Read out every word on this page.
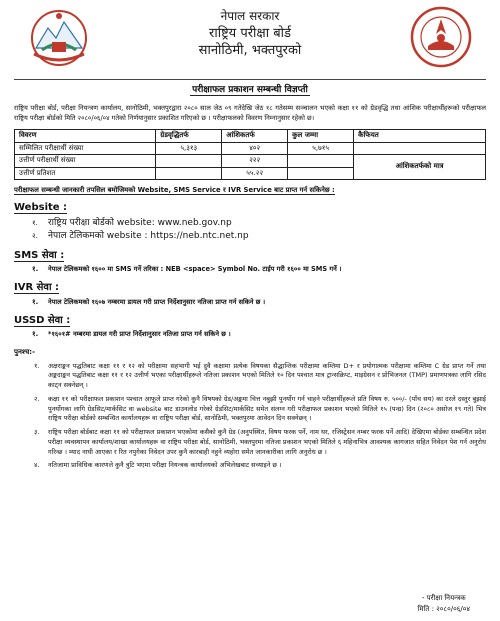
नेपाल सरकार
राष्ट्रिय परीक्षा बोर्ड
सानोठिमी, भक्तपुरको
परीक्षाफल प्रकाशन सम्बन्धी विज्ञप्ती

राष्ट्रिय परीक्षा बोर्ड, परीक्षा नियन्त्रण कार्यालय, सानोठिमी, भक्तपुरद्वारा २०८० साल जेठ ०९ गतेदेखि जेठ १८ गतेसम्म सञ्चालन भएको कक्षा ११ को ग्रेडवृद्धि तथा आंशिक परीक्षार्थीहरूको परीक्षाफल राष्ट्रिय परीक्षा बोर्डको मिति २०८०/०६/०४ गतेको निर्णयानुसार प्रकाशित गरिएको छ । परीक्षाफलको विवरण निम्नानुसार रहेको छ।

विवरण	ग्रेडवृद्धितर्फ	आंशिकतर्फ	कुल जम्मा	कैफियत
सम्मिलित परीक्षार्थी संख्या	५,३१३	४०२	५,७१५	
उत्तीर्ण परीक्षार्थी संख्या		२२२		आंशिकतर्फको मात्र
उत्तीर्ण प्रतिशत		५५.२२		
परीक्षाफल सम्बन्धी जानकारी तपसिल बमोजिमको Website, SMS Service र IVR Service बाट प्राप्त गर्न सकिनेछ :
Website :
१.	राष्ट्रिय परीक्षा बोर्डको website: www.neb.gov.np
२.	नेपाल टेलिकमको website : https://neb.ntc.net.np
SMS सेवा :
१.	नेपाल टेलिकमको १६०० मा SMS गर्ने तरिका : NEB <space> Symbol No. टाईप गरी १६०० मा SMS गर्ने ।
IVR सेवा :
१.	नेपाल टेलिकमको १६०७ नम्बरमा डायल गरी प्राप्त निर्देशानुसार नतिजा प्राप्त गर्न सकिने छ ।
USSD सेवा :
१.	*१६०१# नम्बरमा डायल गरी प्राप्त निर्देशानुसार नतिजा प्राप्त गर्न सकिने छ ।
पुनश्च:-
१.	अक्षराङ्कन पद्धतिबाट कक्षा ११ र १२ को परीक्षामा सहभागी भई दुवै कक्षामा प्रत्येक विषयका सैद्धान्तिक परीक्षामा कम्तिमा D+ र प्रयोगात्मक परीक्षामा कम्तिमा C ग्रेड प्राप्त गर्ने तथा अङ्कदाङ्कन पद्धतिबाट कक्षा ११ र १२ उत्तीर्ण भएका परीक्षार्थीहरूले नतिजा प्रकाशन भएको मितिले १० दिन पश्चात मात्र ट्रान्सक्रिप्ट, माइग्रेसन र प्रोभिजनल (TMP) प्रमाणपत्रका लागि रसिद काट्न सक्नेछन् ।
२.	कक्षा ११ को परीक्षाफल प्रकाशन पश्चात आफूले प्राप्त गरेको कुनै विषयको ग्रेड/अङ्कमा चित्त नबुझी पुनर्योग गर्न चाहने परीक्षार्थीहरूले प्रति विषय रु. ५००/- (पाँच सय) का दरले दस्तुर बुझाई पुनर्योगका लागि ग्रेडसिट/मार्कसिट वा website बाट डाउनलोड गरेको ग्रेडसिट/मार्कसिट समेत संलग्न गरी परीक्षाफल प्रकाशन भएको मितिले १५ (पन्ध्र) दिन (२०८० असोज १९ गते) भित्र राष्ट्रिय परीक्षा बोर्डको सम्बन्धित कार्यालयहरू वा राष्ट्रिय परीक्षा बोर्ड, सानोठिमी, भक्तपुरमा आवेदन दिन सक्नेछन् ।
३.	राष्ट्रिय परीक्षा बोर्डबाट कक्षा ११ को परीक्षाफल प्रकाशन भएकोमा कसैको कुनै ग्रेड (अनुपस्थित, विषय फरक पर्ने, नाम थर, रजिस्ट्रेसन नम्बर फरक पर्ने आदि) देखिएमा बोर्डका सम्बन्धित प्रदेश परीक्षा व्यवस्थापन कार्यालय/शाखा कार्यालयहरू वा राष्ट्रिय परीक्षा बोर्ड, सानोठिमी, भक्तपुरमा नतिजा प्रकाशन भएको मितिले ६ महिनाभित्र आवश्यक कागजात सहित निवेदन पेश गर्न अनुरोध गरिन्छ । म्याद नाघी आएका र रित नपुगेका निवेदन उपर कुनै कारबाही नहुने व्यहोरा समेत जानकारीका लागि अनुरोध छ ।
४.	नतिजामा प्राविधिक कारणले कुनै त्रुटि भएमा परीक्षा नियन्त्रक कार्यालयको अभिलेखबाट सच्याइने छ ।
- परीक्षा नियन्त्रक
मिति : २०८०/०६/०४
